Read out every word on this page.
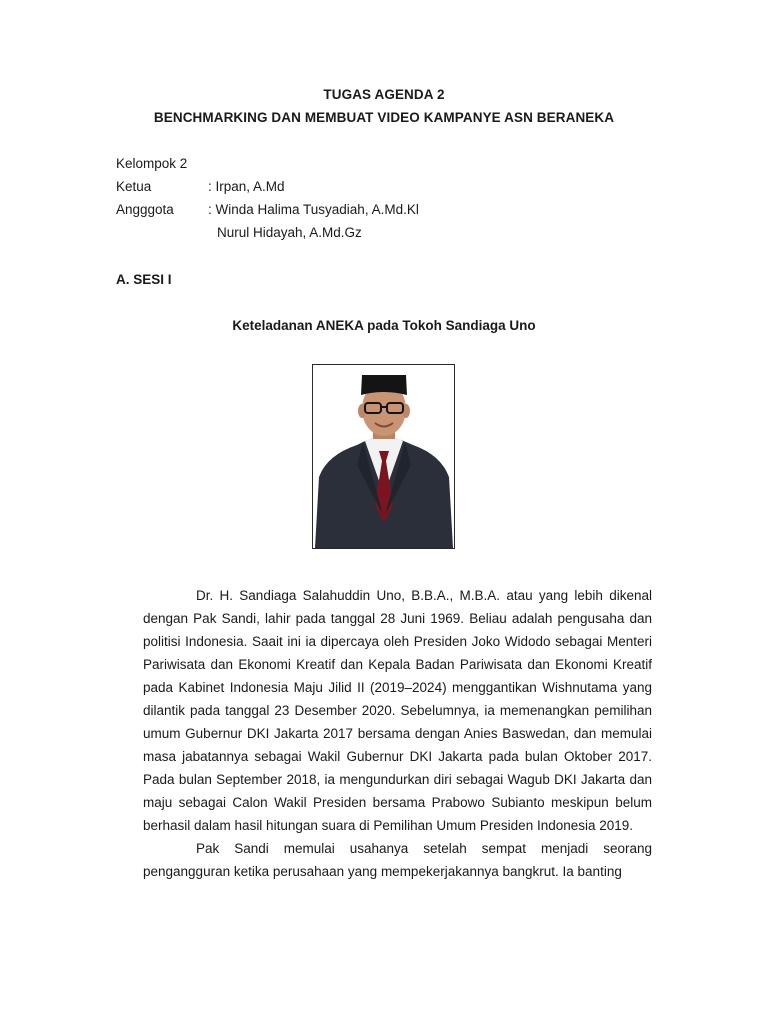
TUGAS AGENDA 2
BENCHMARKING DAN MEMBUAT VIDEO KAMPANYE ASN BERANEKA
Kelompok 2
Ketua	: Irpan, A.Md
Angggota	: Winda Halima Tusyadiah, A.Md.Kl
Nurul Hidayah, A.Md.Gz
A. SESI I
Keteladanan ANEKA pada Tokoh Sandiaga Uno

Dr. H. Sandiaga Salahuddin Uno, B.B.A., M.B.A. atau yang lebih dikenal dengan Pak Sandi, lahir pada tanggal 28 Juni 1969. Beliau adalah pengusaha dan politisi Indonesia. Saait ini ia dipercaya oleh Presiden Joko Widodo sebagai Menteri Pariwisata dan Ekonomi Kreatif dan Kepala Badan Pariwisata dan Ekonomi Kreatif pada Kabinet Indonesia Maju Jilid II (2019–2024) menggantikan Wishnutama yang dilantik pada tanggal 23 Desember 2020. Sebelumnya, ia memenangkan pemilihan umum Gubernur DKI Jakarta 2017 bersama dengan Anies Baswedan, dan memulai masa jabatannya sebagai Wakil Gubernur DKI Jakarta pada bulan Oktober 2017. Pada bulan September 2018, ia mengundurkan diri sebagai Wagub DKI Jakarta dan maju sebagai Calon Wakil Presiden bersama Prabowo Subianto meskipun belum berhasil dalam hasil hitungan suara di Pemilihan Umum Presiden Indonesia 2019.

Pak Sandi memulai usahanya setelah sempat menjadi seorang pengangguran ketika perusahaan yang mempekerjakannya bangkrut. Ia banting
